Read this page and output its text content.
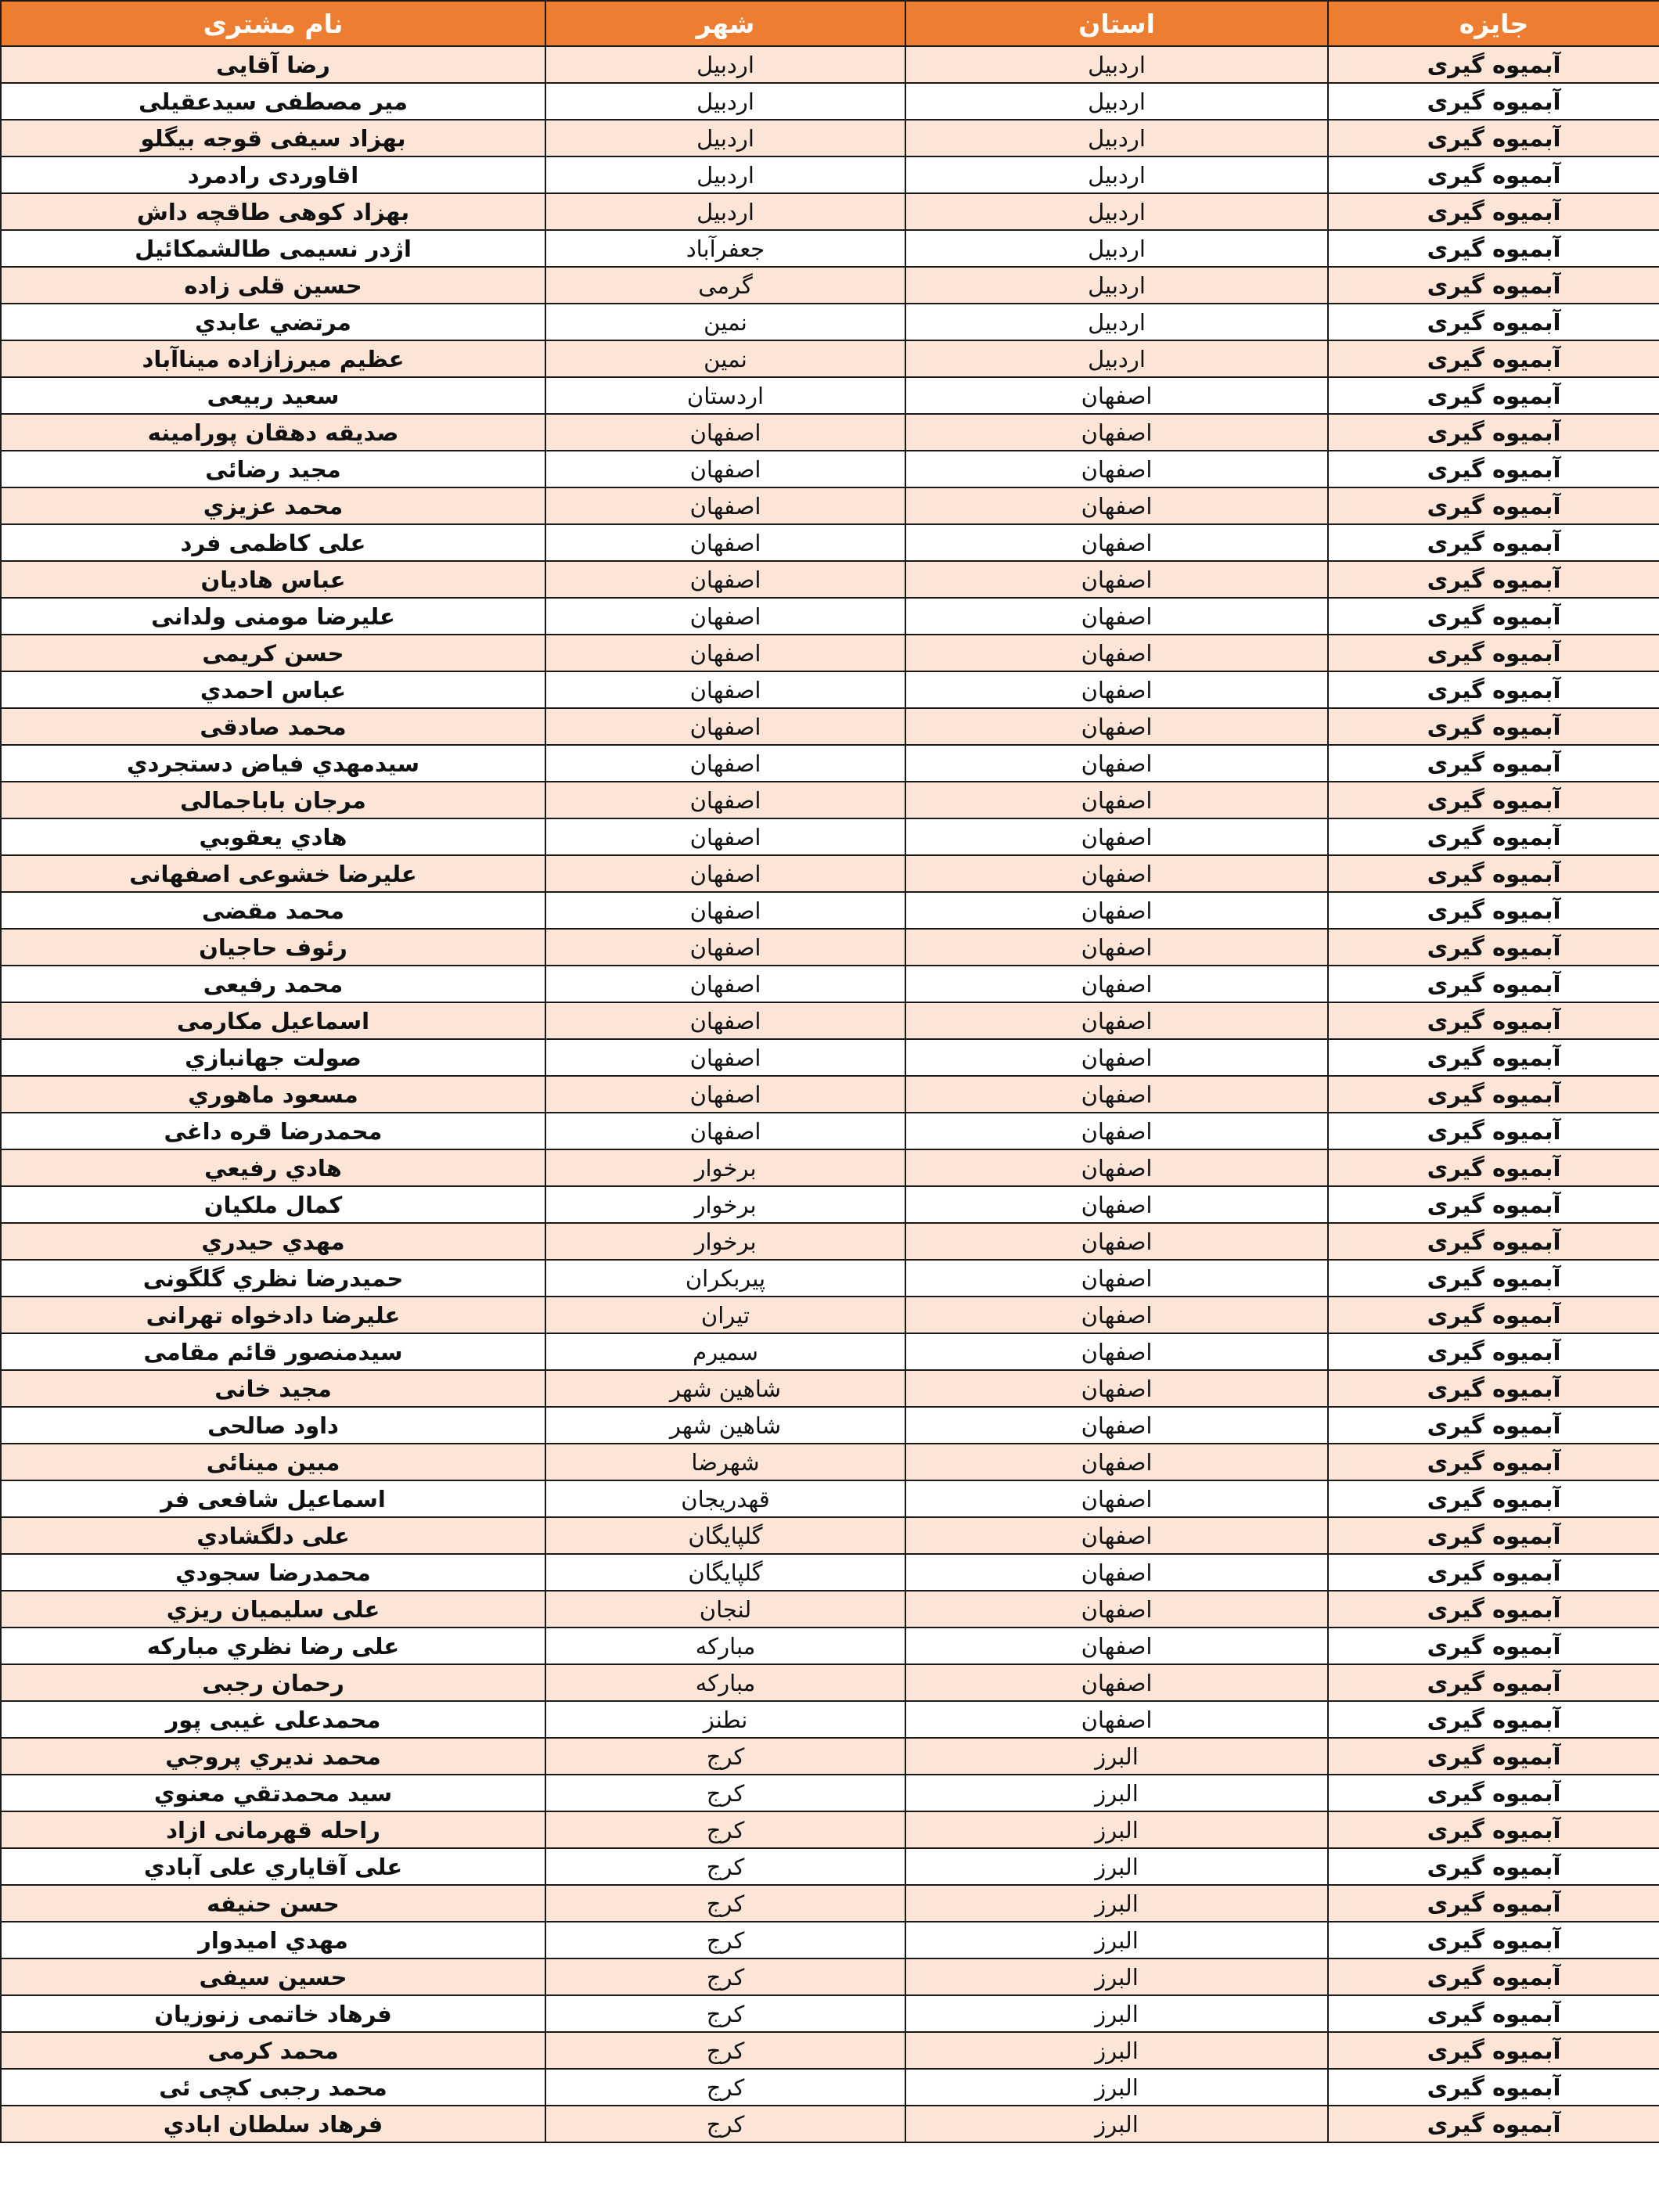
جایزه	استان	شهر	نام مشتری
آبمیوه گیری	اردبیل	اردبیل	رضا آقایی
آبمیوه گیری	اردبیل	اردبیل	میر مصطفی سیدعقیلی
آبمیوه گیری	اردبیل	اردبیل	بهزاد سیفی قوجه بیگلو
آبمیوه گیری	اردبیل	اردبیل	اقاوردی رادمرد
آبمیوه گیری	اردبیل	اردبیل	بهزاد کوهی طاقچه داش
آبمیوه گیری	اردبیل	جعفرآباد	اژدر نسیمی طالشمکائیل
آبمیوه گیری	اردبیل	گرمی	حسین قلی زاده
آبمیوه گیری	اردبیل	نمین	مرتضي عابدي
آبمیوه گیری	اردبیل	نمین	عظیم میرزازاده میناآباد
آبمیوه گیری	اصفهان	اردستان	سعید ربیعی
آبمیوه گیری	اصفهان	اصفهان	صدیقه دهقان پورامینه
آبمیوه گیری	اصفهان	اصفهان	مجید رضائی
آبمیوه گیری	اصفهان	اصفهان	محمد عزيزي
آبمیوه گیری	اصفهان	اصفهان	علی کاظمی فرد
آبمیوه گیری	اصفهان	اصفهان	عباس هاديان
آبمیوه گیری	اصفهان	اصفهان	علیرضا مومنی ولدانی
آبمیوه گیری	اصفهان	اصفهان	حسن کریمی
آبمیوه گیری	اصفهان	اصفهان	عباس احمدي
آبمیوه گیری	اصفهان	اصفهان	محمد صادقی
آبمیوه گیری	اصفهان	اصفهان	سیدمهدي فياض دستجردي
آبمیوه گیری	اصفهان	اصفهان	مرجان باباجمالی
آبمیوه گیری	اصفهان	اصفهان	هادي يعقوبي
آبمیوه گیری	اصفهان	اصفهان	علیرضا خشوعی اصفهانی
آبمیوه گیری	اصفهان	اصفهان	محمد مقضی
آبمیوه گیری	اصفهان	اصفهان	رئوف حاجیان
آبمیوه گیری	اصفهان	اصفهان	محمد رفیعی
آبمیوه گیری	اصفهان	اصفهان	اسماعیل مکارمی
آبمیوه گیری	اصفهان	اصفهان	صولت جهانبازي
آبمیوه گیری	اصفهان	اصفهان	مسعود ماهوري
آبمیوه گیری	اصفهان	اصفهان	محمدرضا قره داغی
آبمیوه گیری	اصفهان	برخوار	هادي رفيعي
آبمیوه گیری	اصفهان	برخوار	کمال ملکیان
آبمیوه گیری	اصفهان	برخوار	مهدي حيدري
آبمیوه گیری	اصفهان	پیربکران	حمیدرضا نظري گلگونی
آبمیوه گیری	اصفهان	تیران	علیرضا دادخواه تهرانی
آبمیوه گیری	اصفهان	سمیرم	سیدمنصور قائم مقامی
آبمیوه گیری	اصفهان	شاهین شهر	مجید خانی
آبمیوه گیری	اصفهان	شاهین شهر	داود صالحی
آبمیوه گیری	اصفهان	شهرضا	مبین مینائی
آبمیوه گیری	اصفهان	قهدریجان	اسماعیل شافعی فر
آبمیوه گیری	اصفهان	گلپایگان	علی دلگشادي
آبمیوه گیری	اصفهان	گلپایگان	محمدرضا سجودي
آبمیوه گیری	اصفهان	لنجان	علی سلیمیان ریزي
آبمیوه گیری	اصفهان	مبارکه	علی رضا نظري مبارکه
آبمیوه گیری	اصفهان	مبارکه	رحمان رجبی
آبمیوه گیری	اصفهان	نطنز	محمدعلی غیبی پور
آبمیوه گیری	البرز	کرج	محمد نديري پروجي
آبمیوه گیری	البرز	کرج	سيد محمدتقي معنوي
آبمیوه گیری	البرز	کرج	راحله قهرمانی ازاد
آبمیوه گیری	البرز	کرج	علی آقاياري علی آبادي
آبمیوه گیری	البرز	کرج	حسن حنيفه
آبمیوه گیری	البرز	کرج	مهدي اميدوار
آبمیوه گیری	البرز	کرج	حسین سیفی
آبمیوه گیری	البرز	کرج	فرهاد خاتمی زنوزیان
آبمیوه گیری	البرز	کرج	محمد کرمی
آبمیوه گیری	البرز	کرج	محمد رجبی کچی ئی
آبمیوه گیری	البرز	کرج	فرهاد سلطان ابادي
